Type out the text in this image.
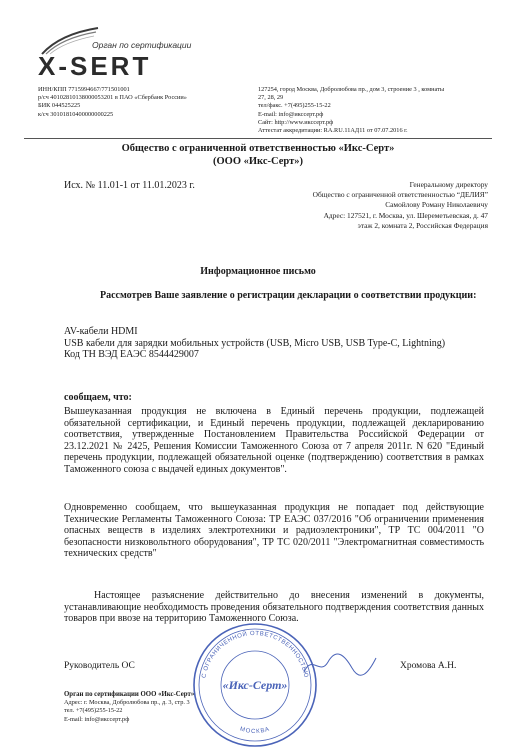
Орган по сертификации
X-SERT
ИНН/КПП 7715994667/771501001
р/сч 40102810138000053201 в ПАО «Сбербанк России»
БИК 044525225
к/сч 30101810400000000225
127254, город Москва, Добролюбова пр., дом 3, строение 3 , комнаты
27, 28, 29
тел/факс. +7(495)255-15-22
E-mail: info@икссерт.рф
Сайт: http://www.икссерт.рф
Аттестат аккредитации: RA.RU.11АД11 от 07.07.2016 г.
Общество с ограниченной ответственностью «Икс-Серт»
(ООО «Икс-Серт»)
Исх. № 11.01-1 от 11.01.2023 г.	Генеральному директору
Общество с ограниченной ответственностью “ДЕЛИЯ”
Самойлову Роману Николаевичу
Адрес: 127521, г. Москва, ул. Шереметьевская, д. 47
этаж 2, комната 2, Российская Федерация
Информационное письмо
Рассмотрев Ваше заявление о регистрации декларации о соответствии продукции:
AV-кабели HDMI
USB кабели для зарядки мобильных устройств (USB, Micro USB, USB Type-C, Lightning)
Код ТН ВЭД ЕАЭС 8544429007
сообщаем, что:
Вышеуказанная продукция не включена в Единый перечень продукции, подлежащей обязательной сертификации, и Единый перечень продукции, подлежащей декларированию соответствия, утвержденные Постановлением Правительства Российской Федерации от 23.12.2021 № 2425, Решения Комиссии Таможенного Союза от 7 апреля 2011г. N 620 "Единый перечень продукции, подлежащей обязательной оценке (подтверждению) соответствия в рамках Таможенного союза с выдачей единых документов".
Одновременно сообщаем, что вышеуказанная продукция не попадает под действующие Технические Регламенты Таможенного Союза: ТР ЕАЭС 037/2016 "Об ограничении применения опасных веществ в изделиях электротехники и радиоэлектроники", ТР ТС 004/2011 "О безопасности низковольтного оборудования", ТР ТС 020/2011 "Электромагнитная совместимость технических средств"
Настоящее разъяснение действительно до внесения изменений в документы, устанавливающие необходимость проведения обязательного подтверждения соответствия данных товаров при ввозе на территорию Таможенного Союза.
Руководитель ОС	Хромова А.Н.
С ОГРАНИЧЕННОЙ ОТВЕТСТВЕННОСТЬЮ
МОСКВА
«Икс-Серт»
Орган по сертификации ООО «Икс-Серт»
Адрес: г. Москва, Добролюбова пр., д. 3, стр. 3
тел. +7(495)255-15-22
E-mail: info@икссерт.рф
